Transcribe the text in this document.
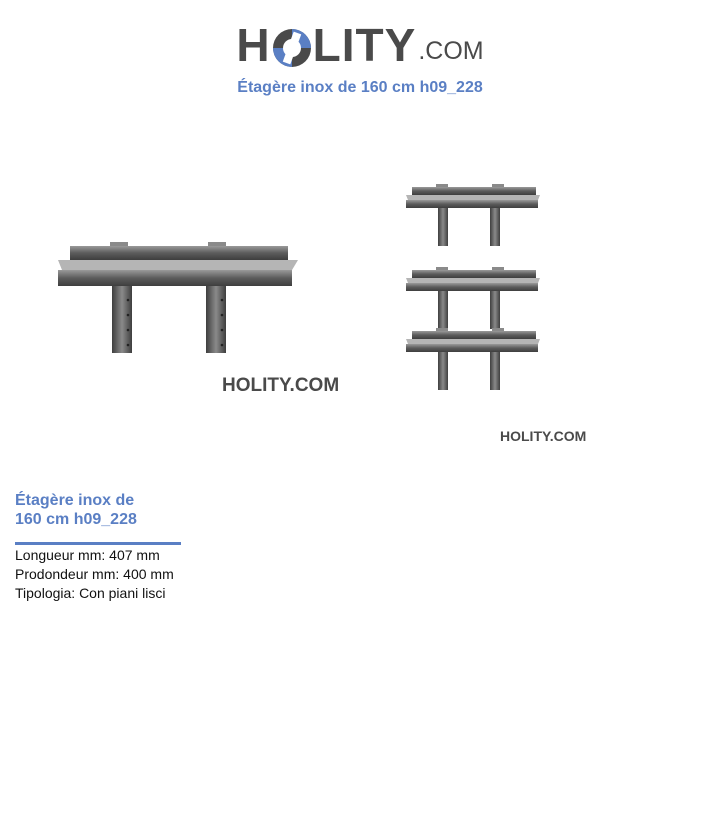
H LITY .COM
Étagère inox de 160 cm h09_228
HOLITY.COM
HOLITY.COM
Étagère inox de
160 cm h09_228
Longueur mm: 407 mm
Prodondeur mm: 400 mm
Tipologia: Con piani lisci
